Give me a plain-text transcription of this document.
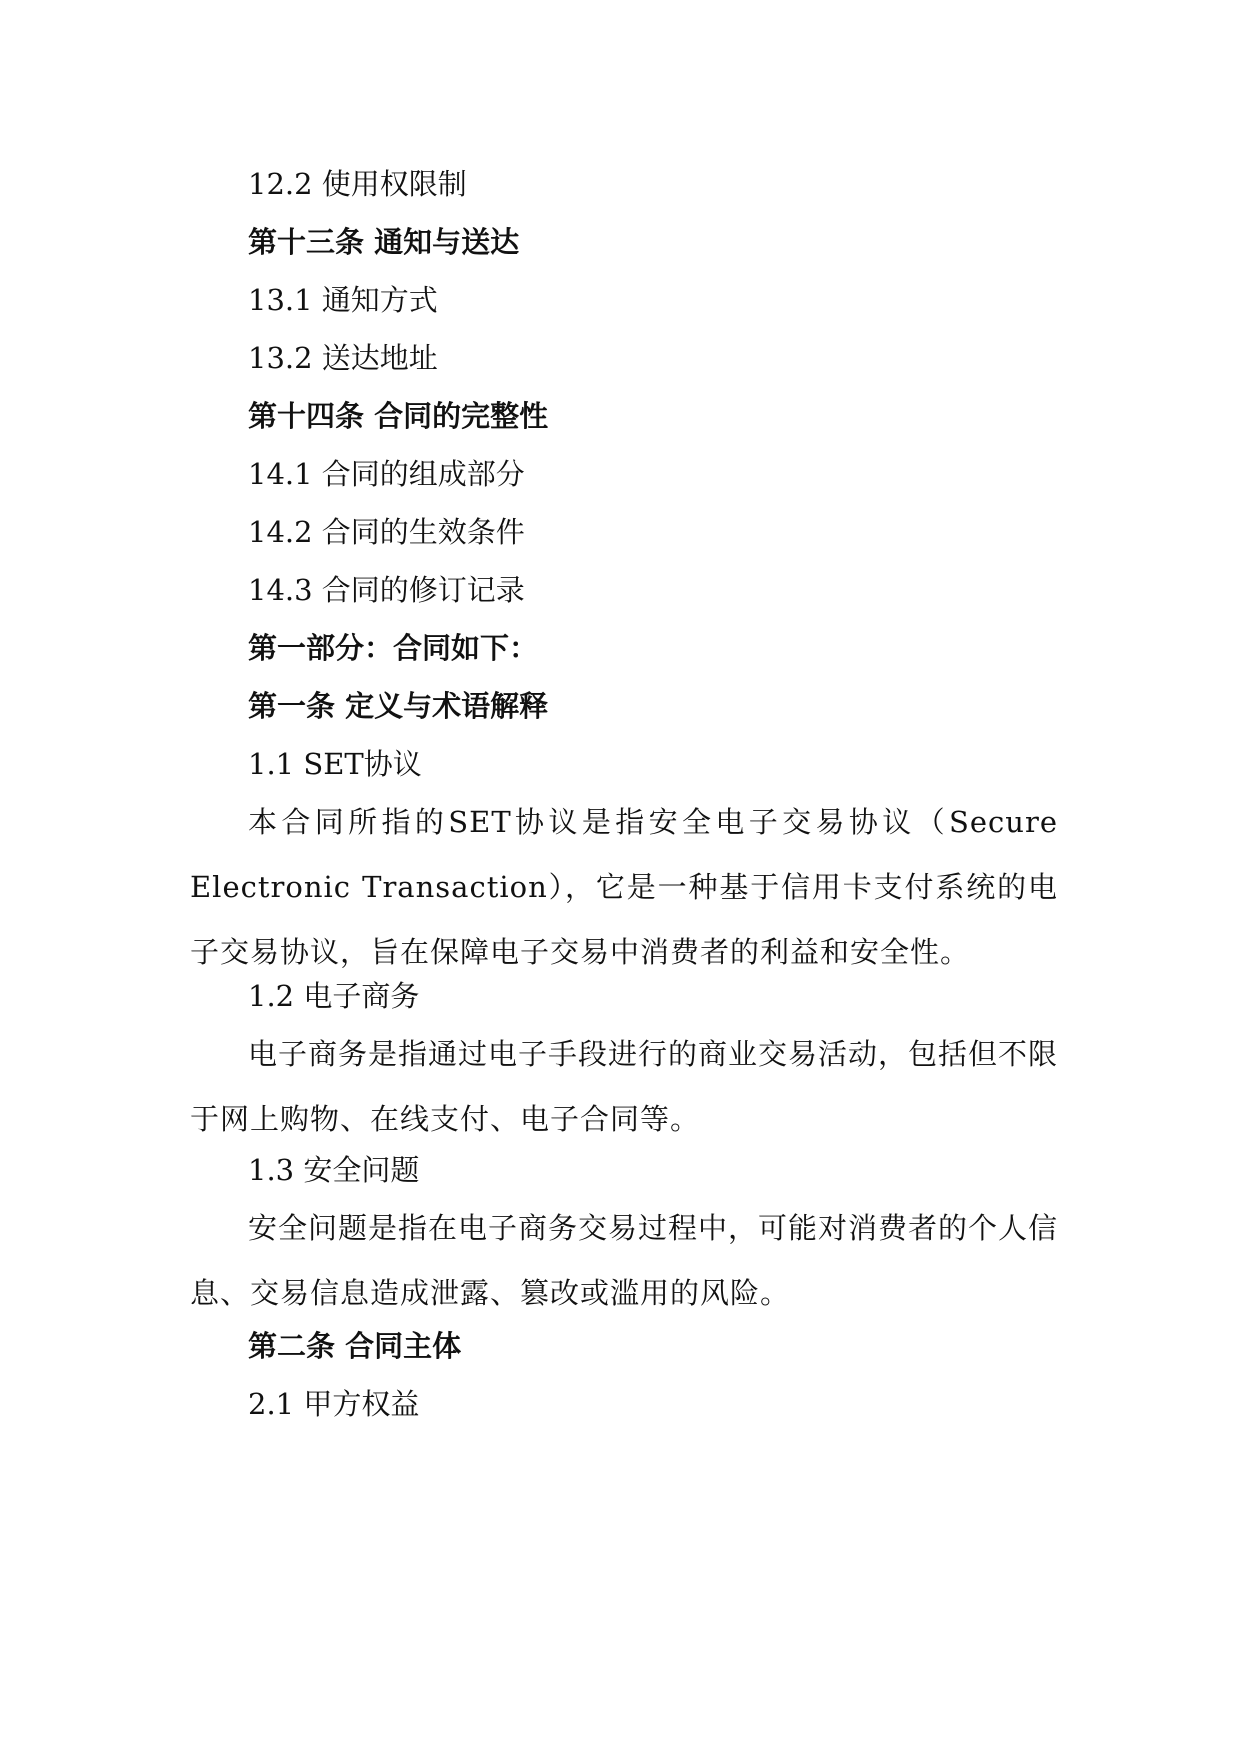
12.2 使用权限制
第十三条 通知与送达
13.1 通知方式
13.2 送达地址
第十四条 合同的完整性
14.1 合同的组成部分
14.2 合同的生效条件
14.3 合同的修订记录
第一部分：合同如下：
第一条 定义与术语解释
1.1 SET协议
本合同所指的SET协议是指安全电子交易协议（Secure Electronic Transaction），它是一种基于信用卡支付系统的电子交易协议，旨在保障电子交易中消费者的利益和安全性。
1.2 电子商务
电子商务是指通过电子手段进行的商业交易活动，包括但不限于网上购物、在线支付、电子合同等。
1.3 安全问题
安全问题是指在电子商务交易过程中，可能对消费者的个人信息、交易信息造成泄露、篡改或滥用的风险。
第二条 合同主体
2.1 甲方权益
